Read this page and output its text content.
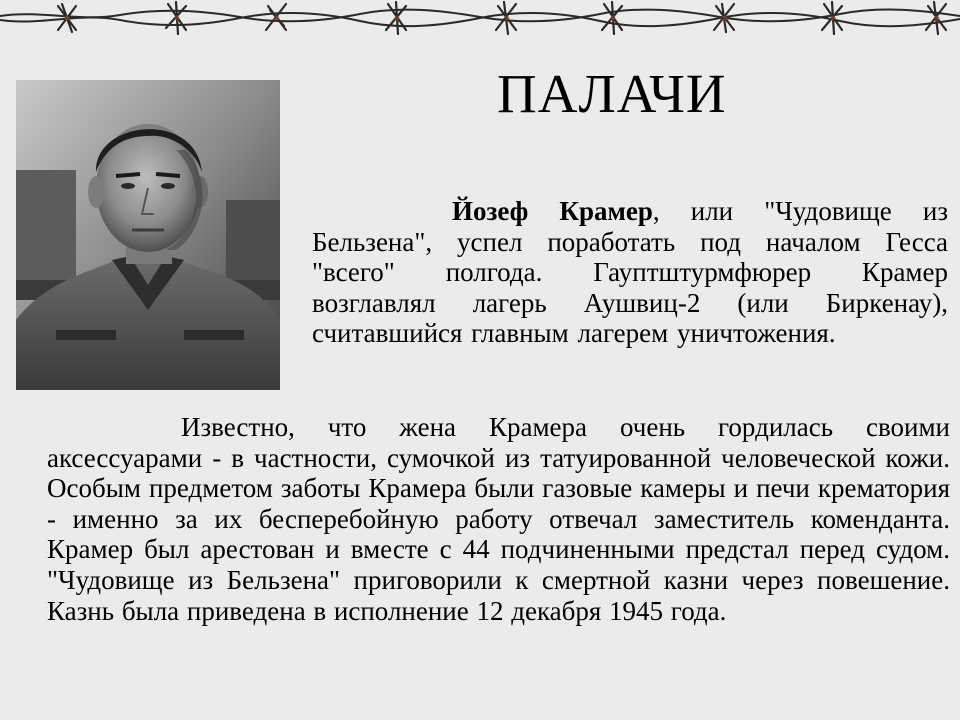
ПАЛАЧИ
Йозеф Крамер, или "Чудовище из Бельзена", успел поработать под началом Гесса "всего" полгода. Гауптштурмфюрер Крамер возглавлял лагерь Аушвиц-2 (или Биркенау), считавшийся главным лагерем уничтожения.
Известно, что жена Крамера очень гордилась своими аксессуарами - в частности, сумочкой из татуированной человеческой кожи. Особым предметом заботы Крамера были газовые камеры и печи крематория - именно за их бесперебойную работу отвечал заместитель коменданта. Крамер был арестован и вместе с 44 подчиненными предстал перед судом. "Чудовище из Бельзена" приговорили к смертной казни через повешение. Казнь была приведена в исполнение 12 декабря 1945 года.
